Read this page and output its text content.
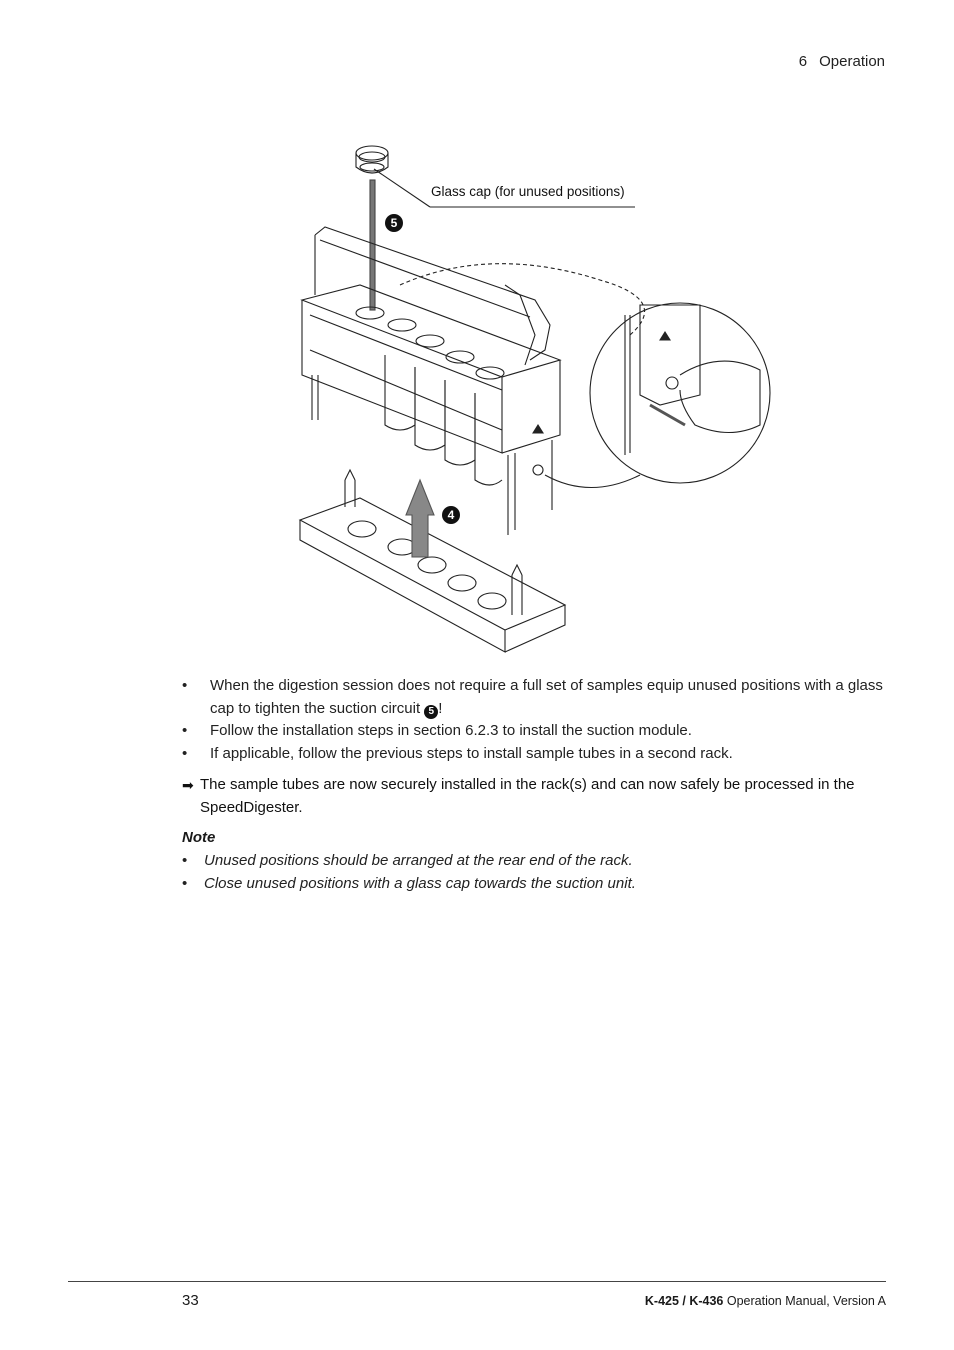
6 Operation
5
4
Glass cap (for unused positions)
• When the digestion session does not require a full set of samples equip unused positions with a glass cap to tighten the suction circuit 5 !
• Follow the installation steps in section 6.2.3 to install the suction module.
• If applicable, follow the previous steps to install sample tubes in a second rack.
➡ The sample tubes are now securely installed in the rack(s) and can now safely be processed in the SpeedDigester.
Note
• Unused positions should be arranged at the rear end of the rack.
• Close unused positions with a glass cap towards the suction unit.
33	K-425 / K-436 Operation Manual, Version A
